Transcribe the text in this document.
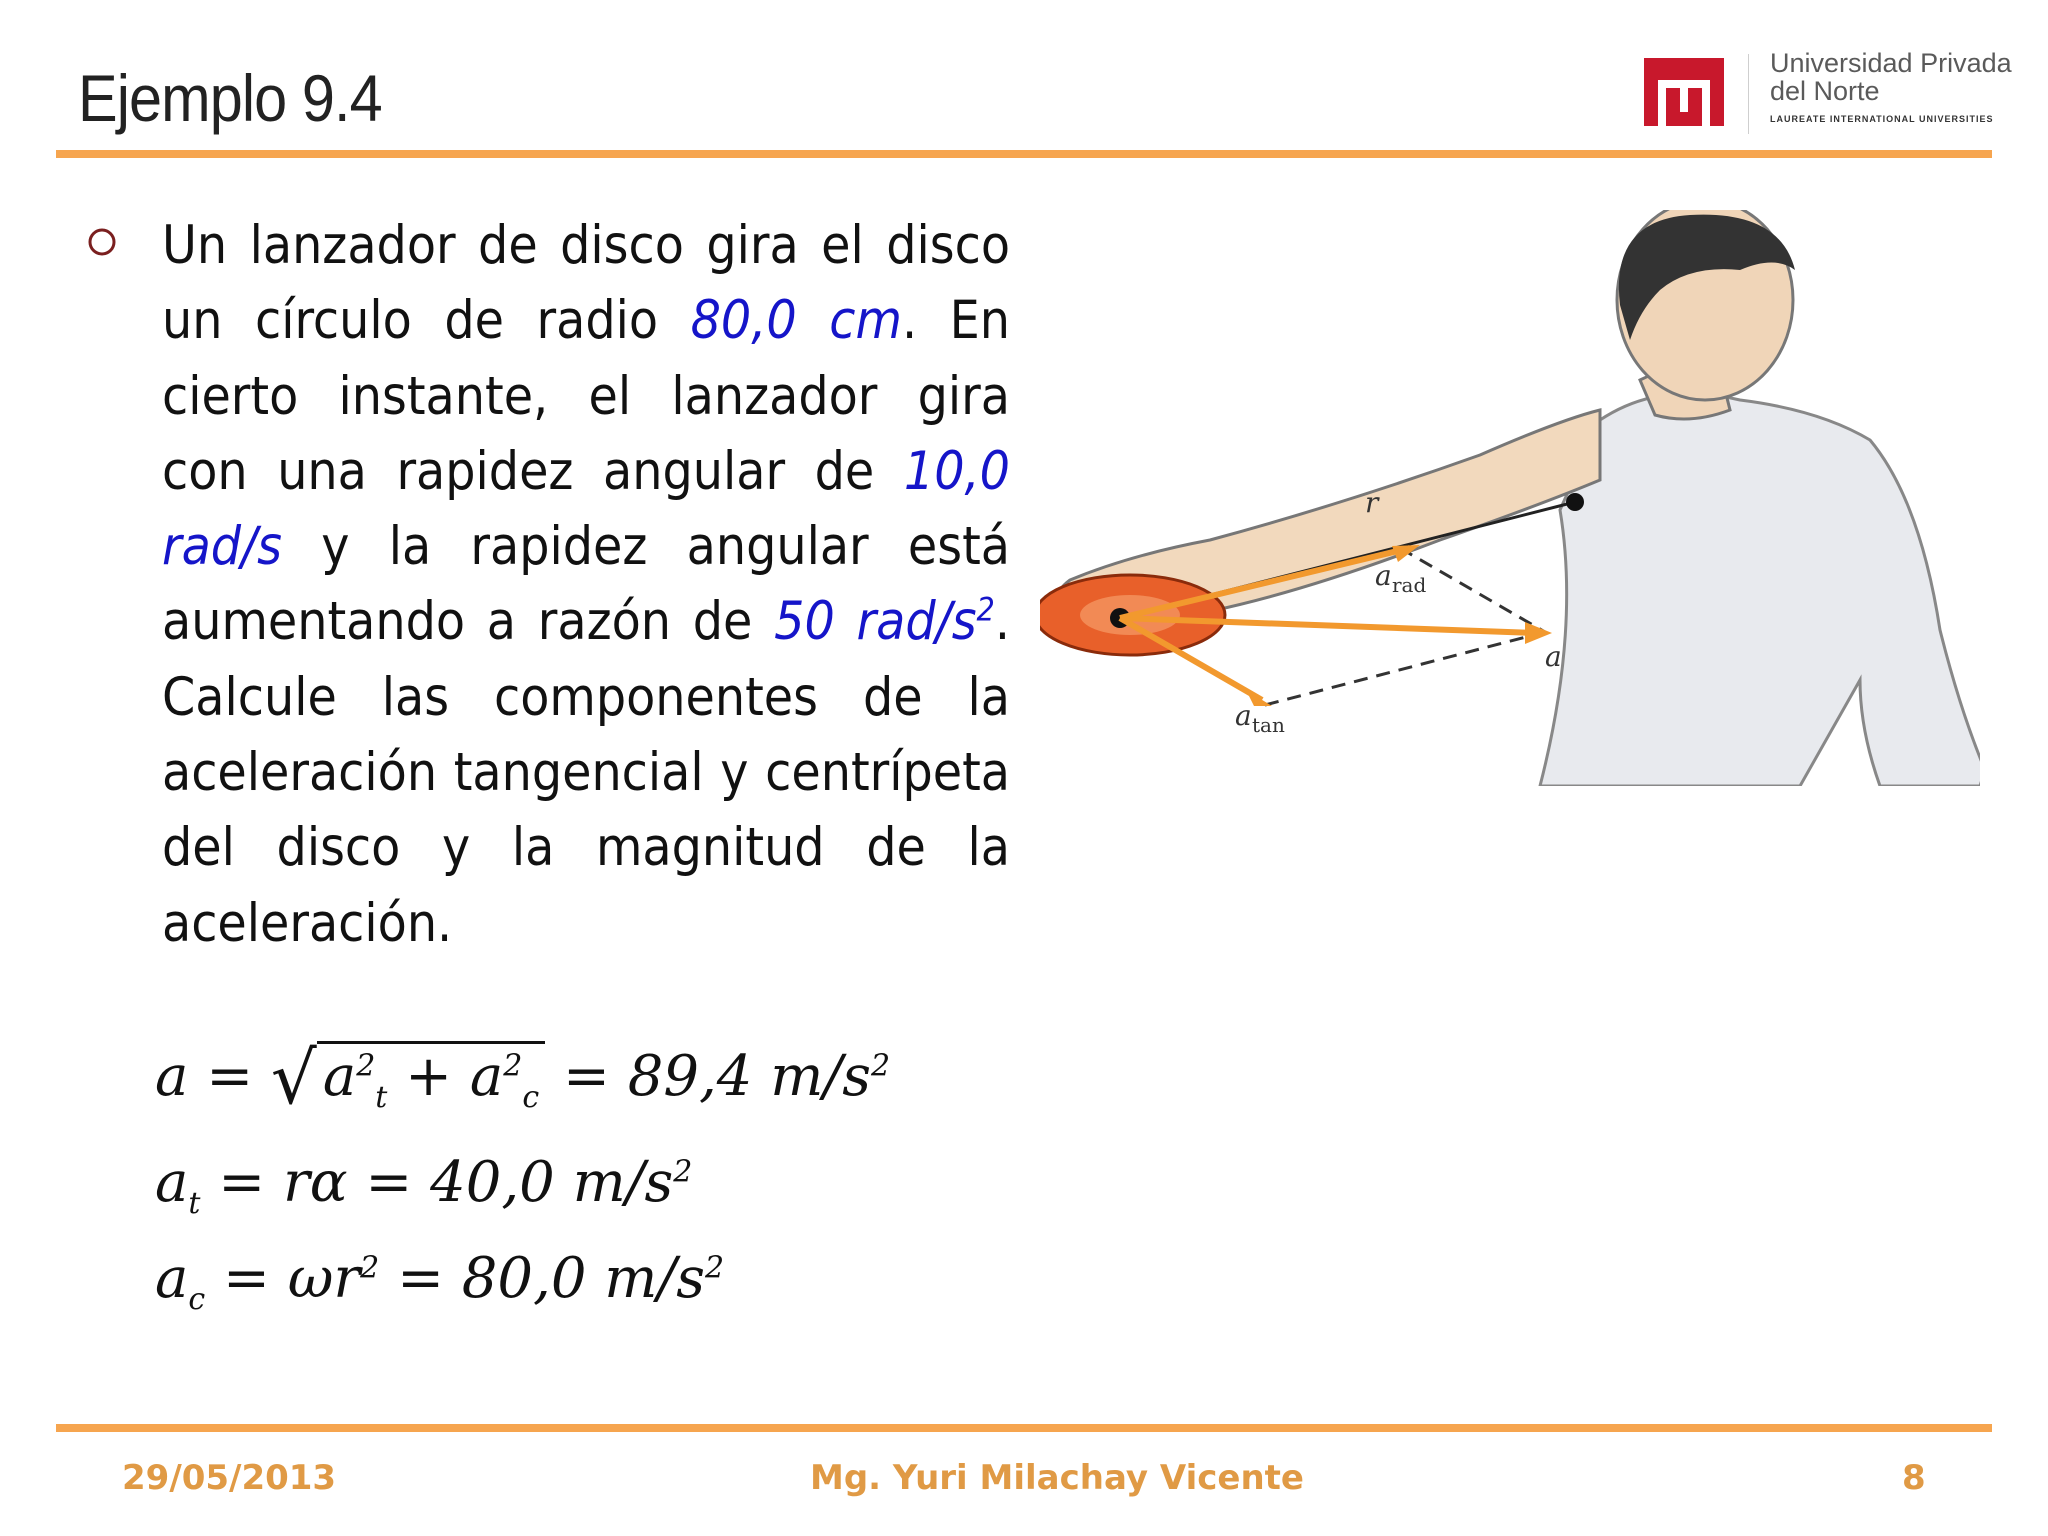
Ejemplo 9.4	Universidad Privada
del Norte
LAUREATE INTERNATIONAL UNIVERSITIES
Un lanzador de disco gira el disco un círculo de radio 80,0 cm. En cierto instante, el lanzador gira con una rapidez angular de 10,0 rad/s y la rapidez angular está aumentando a razón de 50 rad/$s^2$. Calcule las componentes de la aceleración tangencial y centrípeta del disco y la magnitud de la aceleración.
r
a
a rad
a tan
a = √ $a^2_t + a^2_c = 89,4$ $m/s^2$
$a_t = r\alpha = 40,0$ $m/s^2$
$a_c = \omega r^2 = 80,0$ $m/s^2$
29/05/2013	Mg. Yuri Milachay Vicente	8
